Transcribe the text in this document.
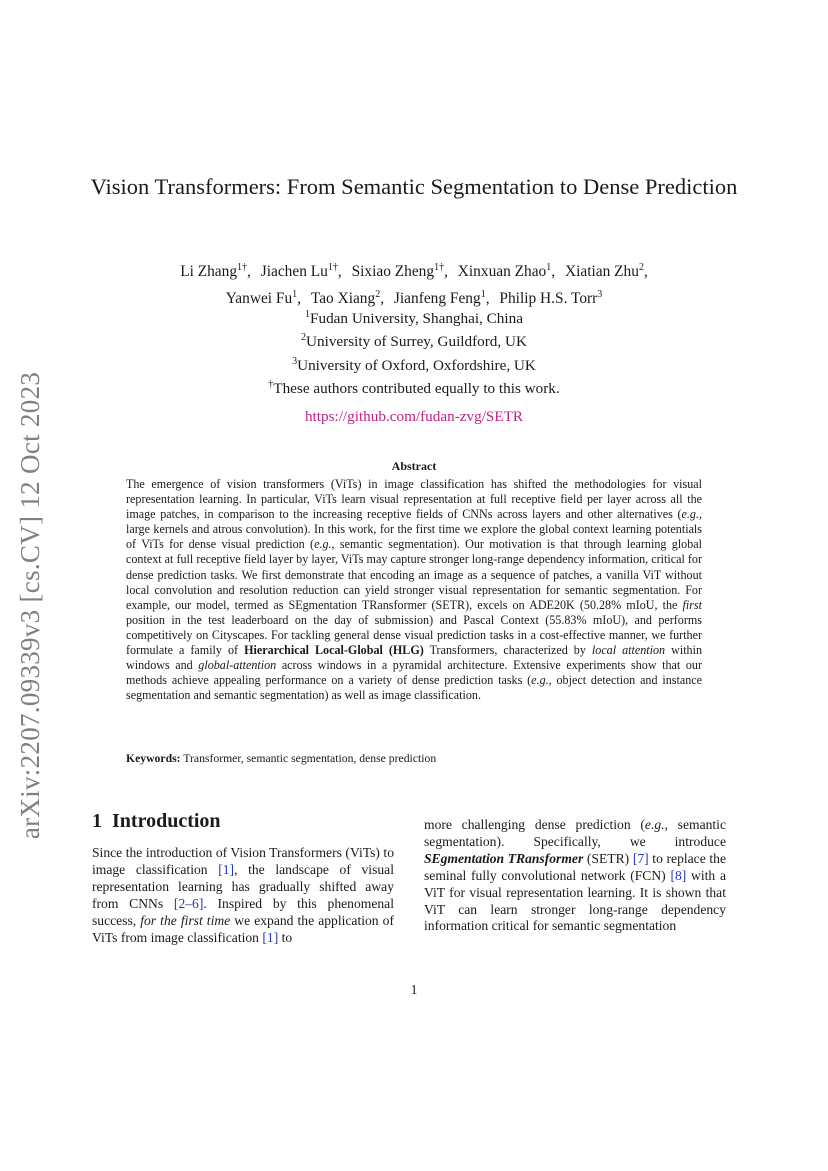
arXiv:2207.09339v3 [cs.CV] 12 Oct 2023
Vision Transformers: From Semantic Segmentation to Dense Prediction
Li Zhang$^{1\dagger}$, Jiachen $Lu^{1\dagger}$, Sixiao Zheng$^{1\dagger}$, Xinxuan Zhao$^1$, Xiatian Zhu$^2$,
Yanwei Fu$^1$, Tao Xiang$^2$, Jianfeng Feng$^1$, Philip H.S. Torr$^3$
$^1$Fudan University, Shanghai, China
$^2$University of Surrey, Guildford, UK
$^3$University of Oxford, Oxfordshire, UK
†These authors contributed equally to this work.
https://github.com/fudan-zvg/SETR
Abstract

The emergence of vision transformers (ViTs) in image classification has shifted the methodologies for visual representation learning. In particular, ViTs learn visual representation at full receptive field per layer across all the image patches, in comparison to the increasing receptive fields of CNNs across layers and other alternatives (e.g., large kernels and atrous convolution). In this work, for the first time we explore the global context learning potentials of ViTs for dense visual prediction (e.g., semantic segmentation). Our motivation is that through learning global context at full receptive field layer by layer, ViTs may capture stronger long-range dependency information, critical for dense prediction tasks. We first demonstrate that encoding an image as a sequence of patches, a vanilla ViT without local convolution and resolution reduction can yield stronger visual representation for semantic segmentation. For example, our model, termed as SEgmentation TRansformer (SETR), excels on ADE20K (50.28% mIoU, the first position in the test leaderboard on the day of submission) and Pascal Context (55.83% mIoU), and performs competitively on Cityscapes. For tackling general dense visual prediction tasks in a cost-effective manner, we further formulate a family of Hierarchical Local-Global (HLG) Transformers, characterized by local attention within windows and global-attention across windows in a pyramidal architecture. Extensive experiments show that our methods achieve appealing performance on a variety of dense prediction tasks (e.g., object detection and instance segmentation and semantic segmentation) as well as image classification.

Keywords: Transformer, semantic segmentation, dense prediction
1 Introduction

Since the introduction of Vision Transformers (ViTs) to image classification [1], the landscape of visual representation learning has gradually shifted away from CNNs [2–6]. Inspired by this phenomenal success, for the first time we expand the application of ViTs from image classification [1] to

more challenging dense prediction (e.g., semantic segmentation). Specifically, we introduce SEgmentation TRansformer (SETR) [7] to replace the seminal fully convolutional network (FCN) [8] with a ViT for visual representation learning. It is shown that ViT can learn stronger long-range dependency information critical for semantic segmentation

1
